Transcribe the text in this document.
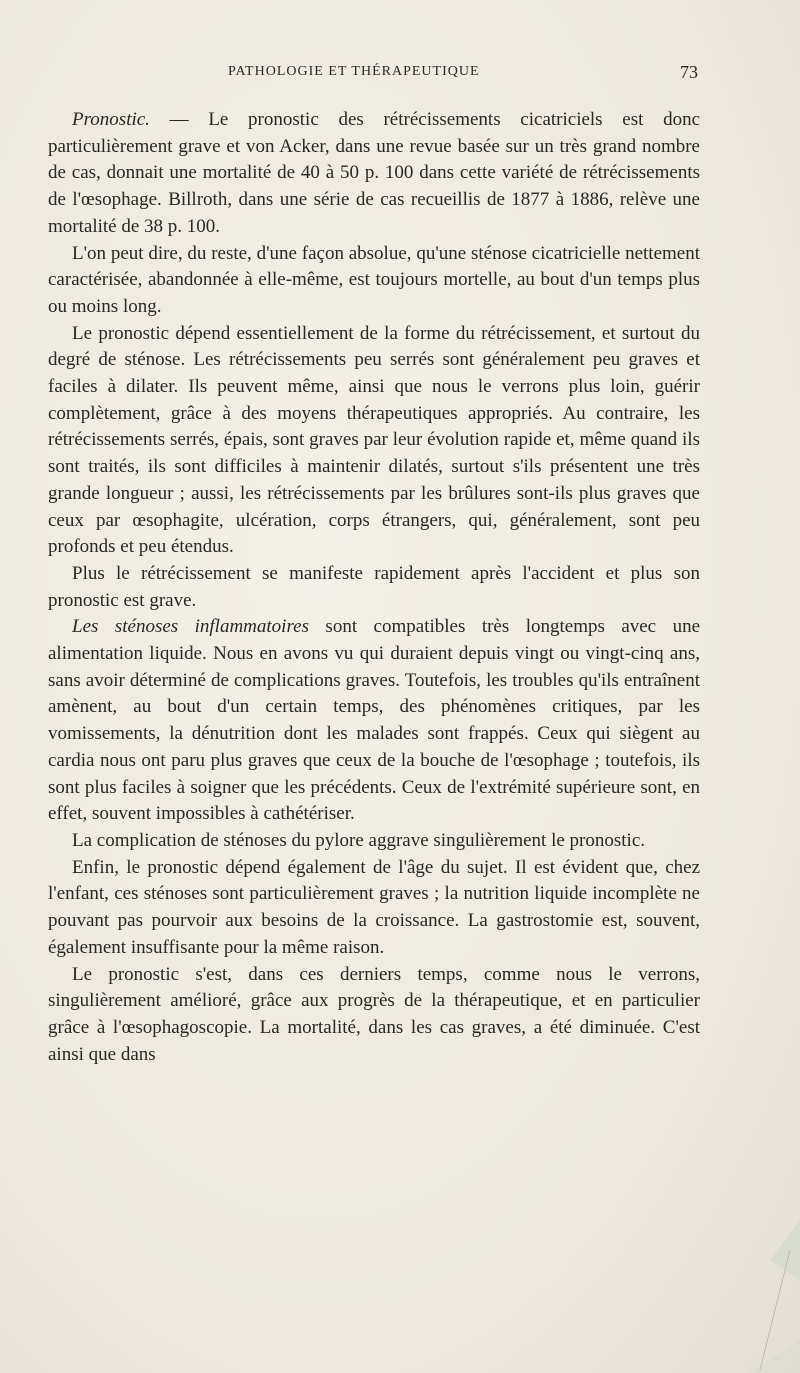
PATHOLOGIE ET THÉRAPEUTIQUE	73

Pronostic. — Le pronostic des rétrécissements cicatriciels est donc particulièrement grave et von Acker, dans une revue basée sur un très grand nombre de cas, donnait une mortalité de 40 à 50 p. 100 dans cette variété de rétrécissements de l'œsophage. Billroth, dans une série de cas recueillis de 1877 à 1886, relève une mortalité de 38 p. 100.

L'on peut dire, du reste, d'une façon absolue, qu'une sténose cicatricielle nettement caractérisée, abandonnée à elle-même, est toujours mortelle, au bout d'un temps plus ou moins long.

Le pronostic dépend essentiellement de la forme du rétrécissement, et surtout du degré de sténose. Les rétrécissements peu serrés sont généralement peu graves et faciles à dilater. Ils peuvent même, ainsi que nous le verrons plus loin, guérir complètement, grâce à des moyens thérapeutiques appropriés. Au contraire, les rétrécissements serrés, épais, sont graves par leur évolution rapide et, même quand ils sont traités, ils sont difficiles à maintenir dilatés, surtout s'ils présentent une très grande longueur ; aussi, les rétrécissements par les brûlures sont-ils plus graves que ceux par œsophagite, ulcération, corps étrangers, qui, généralement, sont peu profonds et peu étendus.

Plus le rétrécissement se manifeste rapidement après l'accident et plus son pronostic est grave.

Les sténoses inflammatoires sont compatibles très longtemps avec une alimentation liquide. Nous en avons vu qui duraient depuis vingt ou vingt-cinq ans, sans avoir déterminé de complications graves. Toutefois, les troubles qu'ils entraînent amènent, au bout d'un certain temps, des phénomènes critiques, par les vomissements, la dénutrition dont les malades sont frappés. Ceux qui siègent au cardia nous ont paru plus graves que ceux de la bouche de l'œsophage ; toutefois, ils sont plus faciles à soigner que les précédents. Ceux de l'extrémité supérieure sont, en effet, souvent impossibles à cathétériser.

La complication de sténoses du pylore aggrave singulièrement le pronostic.

Enfin, le pronostic dépend également de l'âge du sujet. Il est évident que, chez l'enfant, ces sténoses sont particulièrement graves ; la nutrition liquide incomplète ne pouvant pas pourvoir aux besoins de la croissance. La gastrostomie est, souvent, également insuffisante pour la même raison.

Le pronostic s'est, dans ces derniers temps, comme nous le verrons, singulièrement amélioré, grâce aux progrès de la thérapeutique, et en particulier grâce à l'œsophagoscopie. La mortalité, dans les cas graves, a été diminuée. C'est ainsi que dans
